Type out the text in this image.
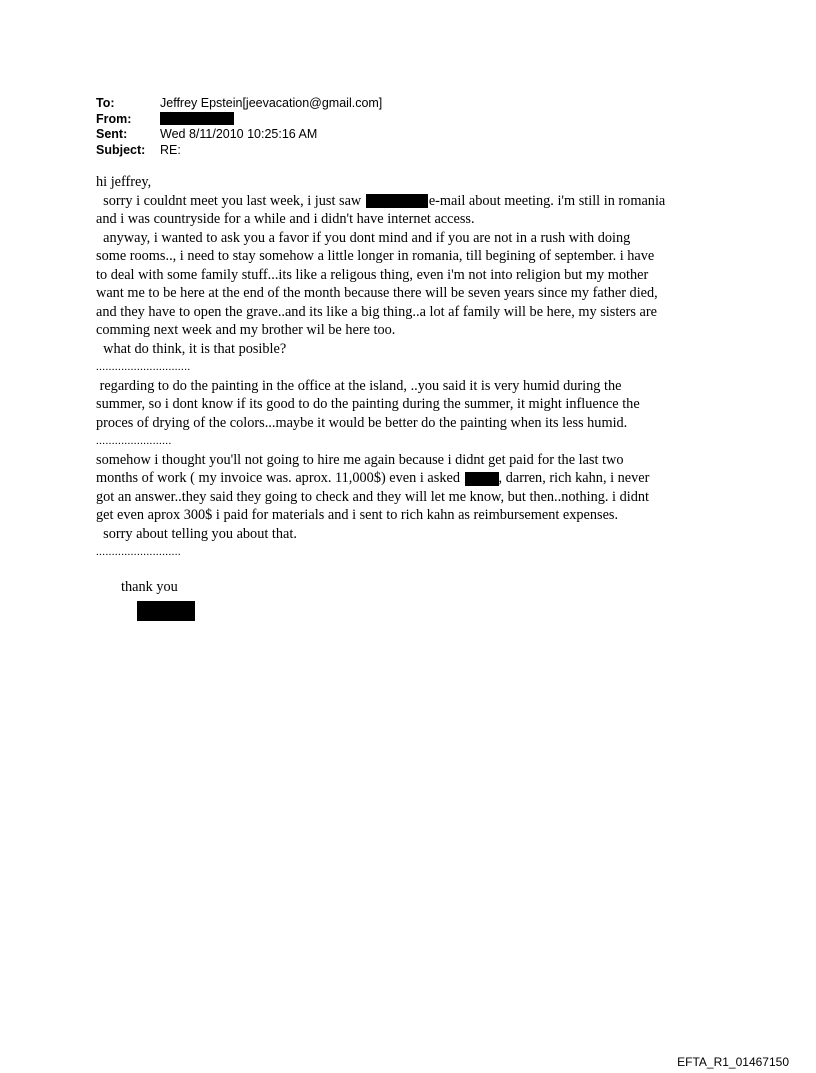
To:	Jeffrey Epstein[jeevacation@gmail.com]
From:
Sent:	Wed 8/11/2010 10:25:16 AM
Subject:	RE:
hi jeffrey,
sorry i couldnt meet you last week, i just saw	e-mail about meeting. i'm still in romania
and i was countryside for a while and i didn't have internet access.
anyway, i wanted to ask you a favor if you dont mind and if you are not in a rush with doing
some rooms.., i need to stay somehow a little longer in romania, till begining of september. i have
to deal with some family stuff...its like a religous thing, even i'm not into religion but my mother
want me to be here at the end of the month because there will be seven years since my father died,
and they have to open the grave..and its like a big thing..a lot af family will be here, my sisters are
comming next week and my brother wil be here too.
what do think, it is that posible?
..............................
regarding to do the painting in the office at the island, ..you said it is very humid during the
summer, so i dont know if its good to do the painting during the summer, it might influence the
proces of drying of the colors...maybe it would be better do the painting when its less humid.
........................
somehow i thought you'll not going to hire me again because i didnt get paid for the last two
months of work ( my invoice was. aprox. 11,000$) even i asked	, darren, rich kahn, i never
got an answer..they said they going to check and they will let me know, but then..nothing. i didnt
get even aprox 300$ i paid for materials and i sent to rich kahn as reimbursement expenses.
sorry about telling you about that.
...........................
thank you
EFTA_R1_01467150
